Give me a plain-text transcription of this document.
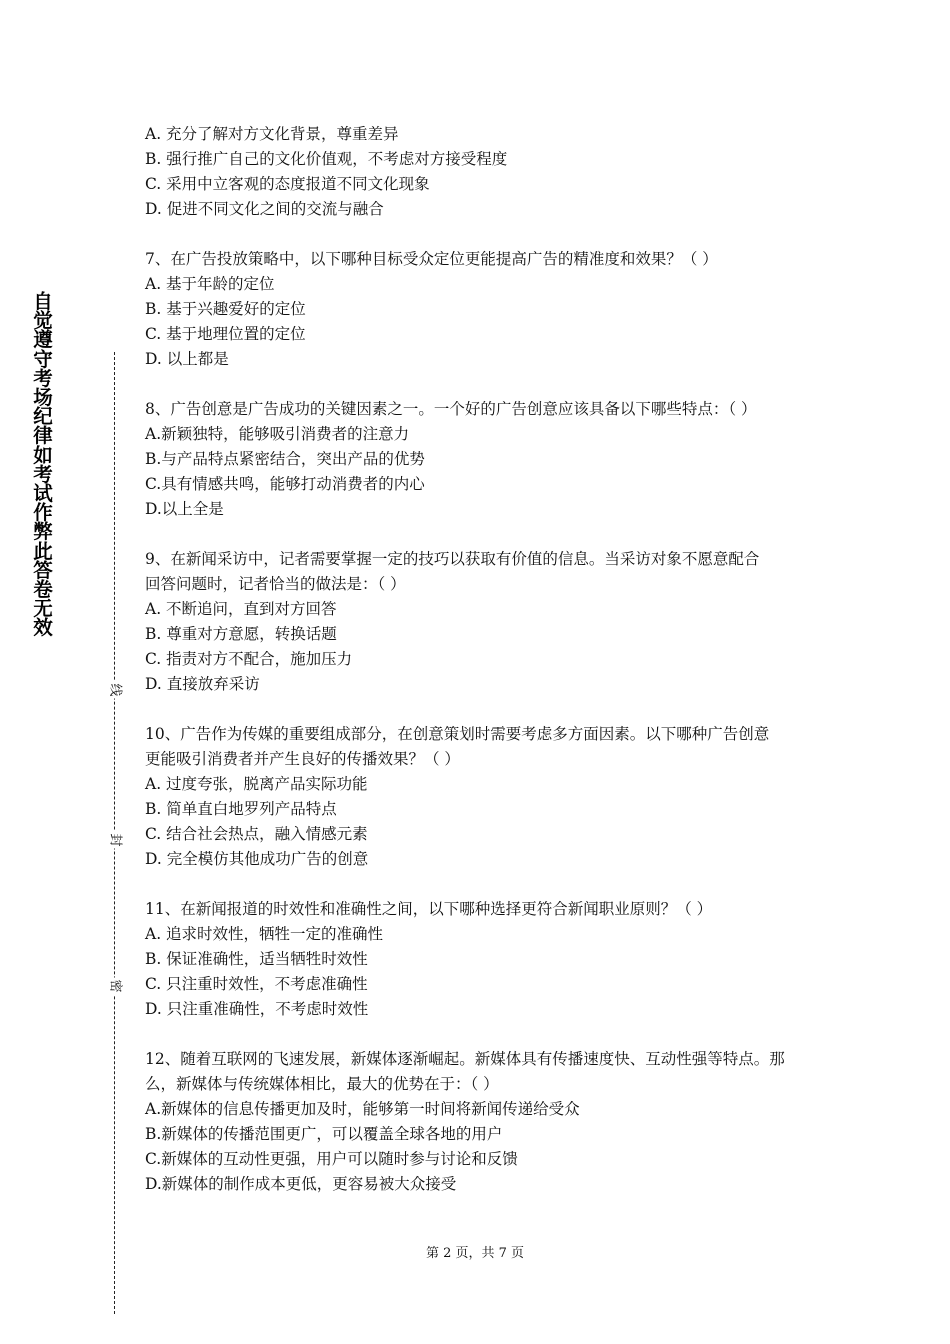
自觉遵守考场纪律如考试作弊此答卷无效
线
封
密
A. 充分了解对方文化背景，尊重差异
B. 强行推广自己的文化价值观，不考虑对方接受程度
C. 采用中立客观的态度报道不同文化现象
D. 促进不同文化之间的交流与融合
7、在广告投放策略中，以下哪种目标受众定位更能提高广告的精准度和效果？（ ）
A. 基于年龄的定位
B. 基于兴趣爱好的定位
C. 基于地理位置的定位
D. 以上都是
8、广告创意是广告成功的关键因素之一。一个好的广告创意应该具备以下哪些特点：（ ）
A.新颖独特，能够吸引消费者的注意力
B.与产品特点紧密结合，突出产品的优势
C.具有情感共鸣，能够打动消费者的内心
D.以上全是
9、在新闻采访中，记者需要掌握一定的技巧以获取有价值的信息。当采访对象不愿意配合
回答问题时，记者恰当的做法是：（ ）
A. 不断追问，直到对方回答
B. 尊重对方意愿，转换话题
C. 指责对方不配合，施加压力
D. 直接放弃采访
10、广告作为传媒的重要组成部分，在创意策划时需要考虑多方面因素。以下哪种广告创意
更能吸引消费者并产生良好的传播效果？（ ）
A. 过度夸张，脱离产品实际功能
B. 简单直白地罗列产品特点
C. 结合社会热点，融入情感元素
D. 完全模仿其他成功广告的创意
11、在新闻报道的时效性和准确性之间，以下哪种选择更符合新闻职业原则？（ ）
A. 追求时效性，牺牲一定的准确性
B. 保证准确性，适当牺牲时效性
C. 只注重时效性，不考虑准确性
D. 只注重准确性，不考虑时效性
12、随着互联网的飞速发展，新媒体逐渐崛起。新媒体具有传播速度快、互动性强等特点。那
么，新媒体与传统媒体相比，最大的优势在于：（ ）
A.新媒体的信息传播更加及时，能够第一时间将新闻传递给受众
B.新媒体的传播范围更广，可以覆盖全球各地的用户
C.新媒体的互动性更强，用户可以随时参与讨论和反馈
D.新媒体的制作成本更低，更容易被大众接受
第 2 页，共 7 页
